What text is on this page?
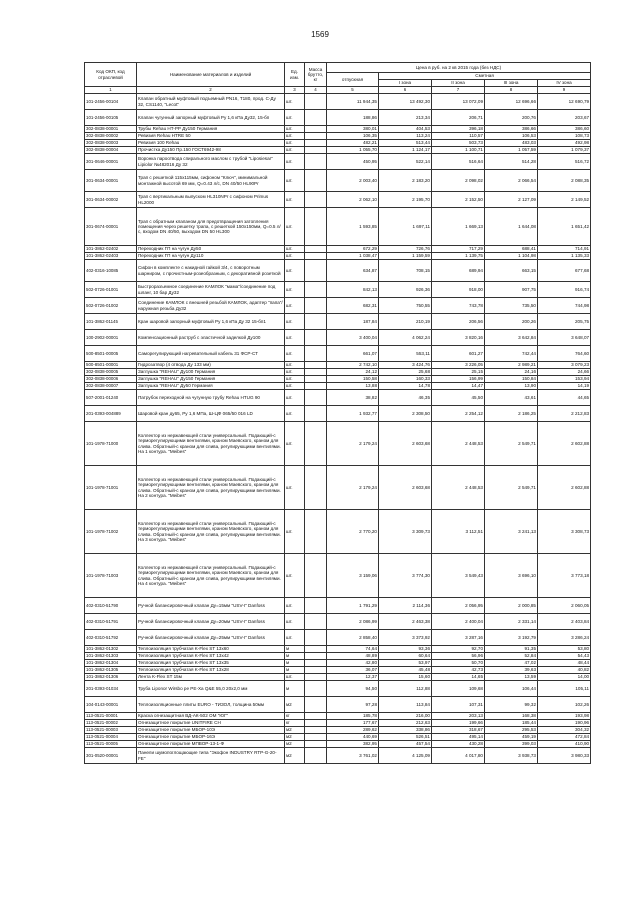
1569
Код ОКП, код отраслевой	Наименование материалов и изделий	Ед. изм.	Масса брутто, кг	Цена в руб. на 2 кв 2015 года (без НДС)				
				отпускная	Сметная			
					I зона	II зона	III зона	IV зона
1	2	3	4	5	6	7	8	9
101-2456-00104	Клапан обратный муфтовый подъемный PN16, T180, прод. С-Ду 32, СS1140, "Lecot"	шт.		11 944,35	13 492,30	13 072,09	12 696,66	12 690,79
101-2456-00105	Клапан чугунный запорный муфтовый Ру 1,6 кПа Ду32, 15-бп	шт.		188,86	213,34	206,71	200,76	203,67
302-0838-00001	Трубы Rehau HT-PP Ду150 Германия	шт.		380,01	404,53	396,18	386,66	386,60
302-0838-00002	Ревизия Rehau HTRE 50	шт.		106,35	113,24	110,57	106,53	108,73
302-0838-00003	Ревизия 100 Rehau	шт.		482,21	513,44	503,73	483,03	492,98
302-0838-00004	Прочистка Ду150 Пр.150 ГОСТ6942-98	шт.		1 055,70	1 124,17	1 100,71	1 057,59	1 079,37
301-0646-00001	Воронка пароотвода спирального маслом с трубой "Liposiesar" Lipiolor №482016 Ду 32	шт.		450,95	522,14	516,64	514,28	516,72
301-0634-00001	Трап с решеткой 115x115мм, сифоном "Ключ", минимальной монтажной высотой 69 мм, Q=0.43 л/с, DN 40/50 HL90Pr	шт.		2 003,40	2 183,20	2 098,02	2 066,54	2 088,35
301-0634-00002	Трап с вертикальным выпуском HL310NPr с сифоном Primus HL2000	шт.		2 062,10	2 195,70	2 152,50	2 127,09	2 149,52
301-0674-00001	Трап с обратным клапаном для предотвращения затопления помещения через решетку трапа, с решеткой 150x150мм, Q=0.5 л/с, входом DN 40/50, выходом DN 50 HL300	шт.		1 593,85	1 697,11	1 669,13	1 644,08	1 651,42
101-3862-02402	Переходник ГП на чугун Ду50	шт.		672,29	726,76	717,29	688,41	714,91
101-3862-02403	Переходник ГП на чугун Ду110	шт.		1 038,47	1 159,59	1 139,75	1 104,98	1 135,33
402-0316-10085	Сифон в комплекте с накидной гайкой 3/4, с поворотным шарниром, с прочистным-розеобразным, с декоративной розеткой	шт.		634,87	708,15	689,94	663,15	677,68
502-0726-01001	Быстроразъемное соединение КАМЛОК "мама"/соединение под шланг, 10 бар Ду32	шт.		842,13	926,36	918,00	907,75	916,74
502-0726-01002	Соединение КАМЛОК с внешней резьбой КАМЛОК, адаптер "папа"/наружная резьба Ду32	шт.		682,31	750,55	743,78	735,50	744,98
101-3862-01145	Кран шаровой запорный муфтовый Ру 1,6 кПа Ду 32 15-бп1	шт.		187,84	210,19	206,56	200,26	205,75
100-2902-00001	Компенсационный раструб с эластичной заделкой Ду100	шт.		3 400,04	4 062,24	3 820,16	3 642,84	3 648,07
500-8501-00005	Саморегулирующий нагревательный кабель 31 ФСР-СТ	шт.		661,07	553,11	601,27	742,44	764,60
500-8501-00001	Гидрозатвор (4 отвода Ду 133 мм)	шт.		2 742,10	3 424,76	3 226,05	2 989,21	3 079,23
302-0838-00005	Заглушка "REHAU" Ду100 Германия	шт.		24,12	25,68	25,15	24,16	24,66
302-0838-00006	Заглушка "REHAU" Ду150 Германия	шт.		150,58	160,33	156,99	150,84	153,94
302-0838-00007	Заглушка "REHAU" Ду50 Германия	шт.		13,88	14,78	14,47	13,90	14,19
507-2001-01240	Патрубок переходной на чугунную трубу Rehau HTUG 90	шт.		38,82	46,35	45,50	43,61	44,65
201-0393-004889	Шаровой кран ду65, Ру 1,6 МПа, Ш-ЦФ 065/50 016 LD	шт.		1 932,77	2 308,50	2 254,12	2 186,25	2 212,83
101-1978-71000	Коллектор из нержавеющей стали универсальный. Подающий-с терморегулирующими вентилями, краном Маевского, краном для слива. Обратный-с краном для слива, регулирующими вентилями. На 1 контура. "Meibes"	шт.		2 179,24	2 603,68	2 448,53	2 549,71	2 602,88
101-1978-71001	Коллектор из нержавеющей стали универсальный. Подающий-с терморегулирующими вентилями, краном Маевского, краном для слива. Обратный-с краном для слива, регулирующими вентилями. На 2 контура. "Meibes"	шт.		2 179,24	2 603,68	2 448,53	2 549,71	2 602,88
101-1978-71002	Коллектор из нержавеющей стали универсальный. Подающий-с терморегулирующими вентилями, краном Маевского, краном для слива. Обратный-с краном для слива, регулирующими вентилями. На 3 контура. "Meibes"	шт.		2 770,20	3 309,73	3 112,51	3 241,13	3 308,73
101-1978-71003	Коллектор из нержавеющей стали универсальный. Подающий-с терморегулирующими вентилями, краном Маевского, краном для слива. Обратный-с краном для слива, регулирующими вентилями. На 4 контура. "Meibes"	шт.		3 159,06	3 774,30	3 549,43	3 696,10	3 773,18
402-0310-51790	Ручной балансировочный клапан Ду=15мм "USV-I" Danfoss	шт.		1 791,29	2 114,36	2 056,95	2 000,85	2 060,05
402-0310-51791	Ручной балансировочный клапан Ду=20мм "USV-I" Danfoss	шт.		2 086,99	2 463,38	2 400,04	2 331,14	2 403,84
402-0310-51792	Ручной балансировочный клапан Ду=25мм "USV-I" Danfoss	шт.		2 858,40	3 373,92	3 287,16	3 192,79	3 286,24
101-3862-01302	Теплоизоляция трубчатая K-Flex ST 13x60	м		74,64	93,36	92,70	91,35	53,80
101-3862-01303	Теплоизоляция трубчатая K-Flex ST 13x42	м		48,89	60,64	56,96	52,84	54,43
101-3862-01304	Теплоизоляция трубчатая K-Flex ST 13x35	м		42,80	53,97	50,70	47,02	48,44
101-3862-01305	Теплоизоляция трубчатая K-Flex ST 13x28	м		36,07	45,48	42,73	39,63	40,82
101-3862-01306	Лента K-Flex ST 15м	шт.		12,37	15,60	14,65	13,59	14,00
201-0393-01034	Труба Liponor Wirsbo pe PE-Xa Q&E 55,0 20x2,0 мм	м		94,50	112,88	109,68	106,44	105,11
104-0143-00001	Теплоизоляционные плиты EURO - ТИЗОЛ, толщина 50мм	м2		97,28	113,84	107,31	99,32	102,26
113-0521-00001	Краска огнезащитная ВД-АК-502 ОМ "ЮГ"	кг		185,78	216,00	203,13	168,38	193,98
113-0521-00002	Огнезащитное покрытие UNITFIRE CH	кг		177,67	212,63	199,66	185,44	190,96
113-0521-00003	Огнезащитное покрытие МБОР-10Э	м2		289,62	338,86	318,67	295,53	304,32
113-0521-00004	Огнезащитное покрытие МБОР-16Э	м2		440,69	526,51	495,14	459,19	472,84
113-0521-00005	Огнезащитное покрытие МПВОР-13-1-Ф	м2		382,95	457,54	430,28	399,03	410,90
301-0520-00001	Панели шумопоглощающие типа "Экофон INDUSTRY RTP-G-20-FE"	м2		3 761,02	4 125,09	4 017,80	3 938,73	3 980,33
